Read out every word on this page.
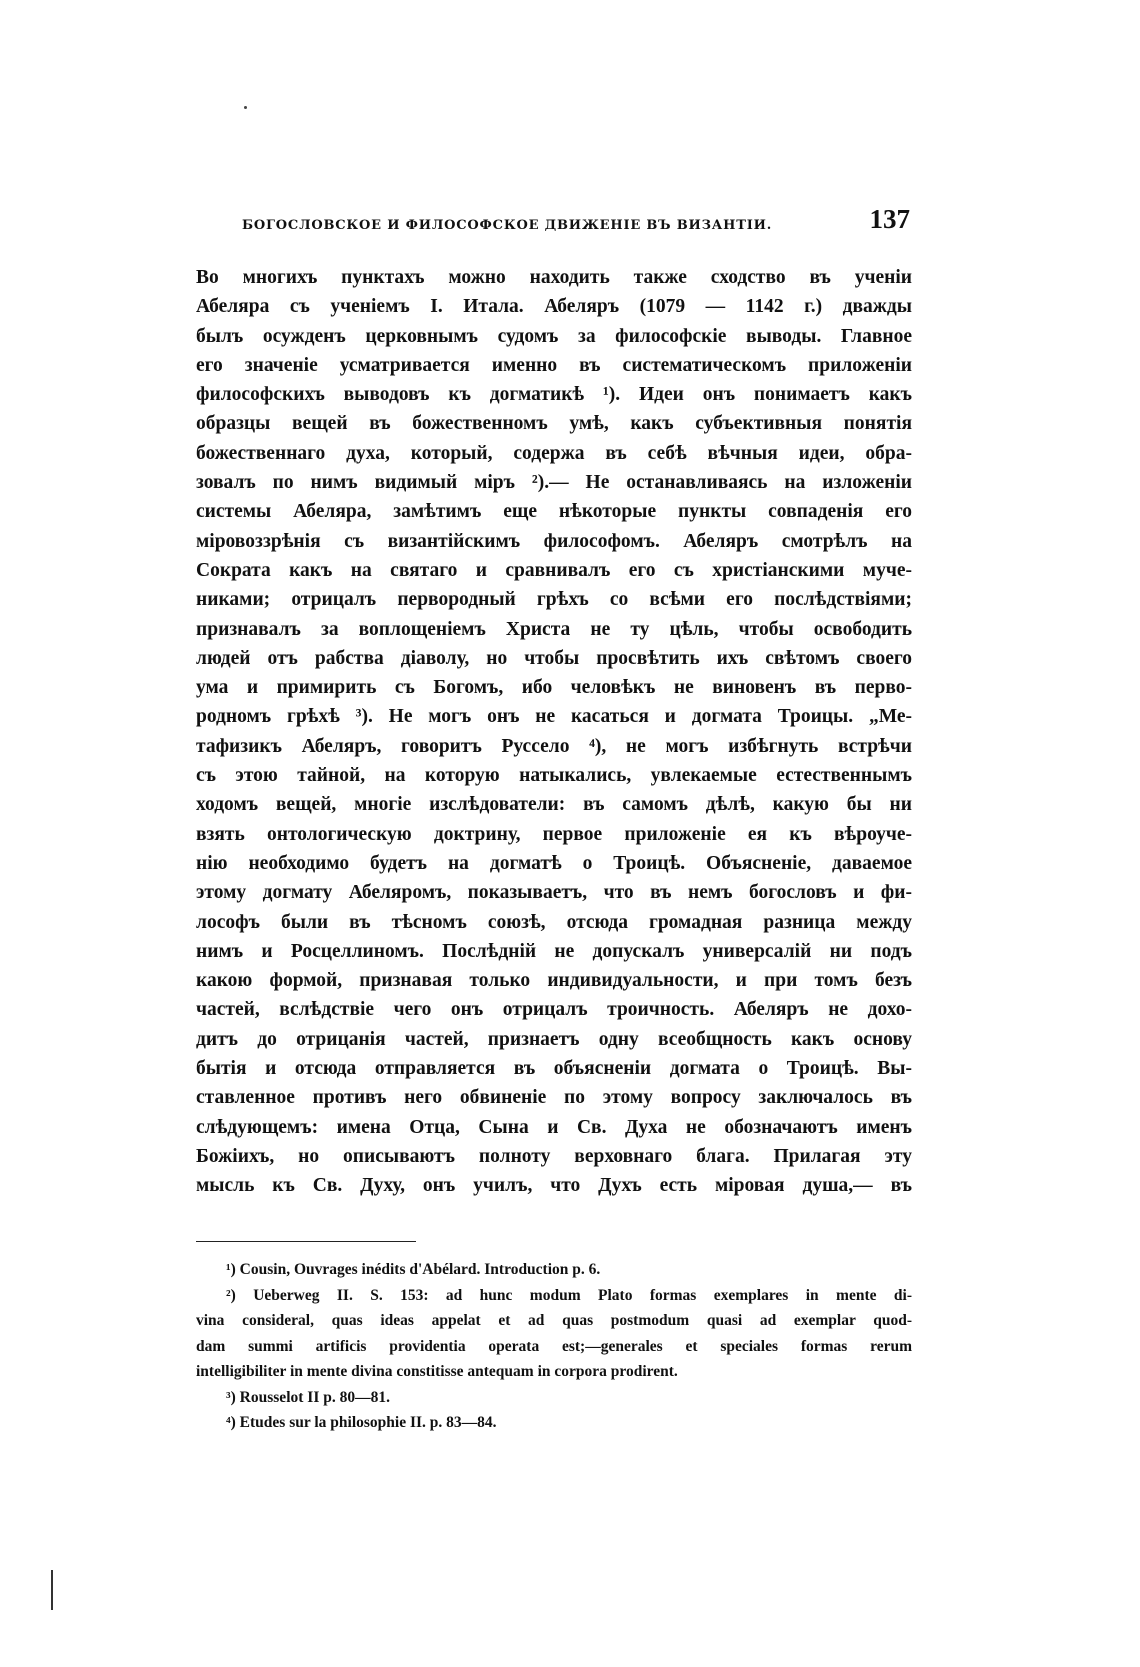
БОГОСЛОВСКОЕ И ФИЛОСОФСКОЕ ДВИЖЕНІЕ ВЪ ВИЗАНТІИ.	137
Во многихъ пунктахъ можно находить также сходство въ ученіи
Абеляра съ ученіемъ I. Итала. Абеляръ (1079 — 1142 г.) дважды
былъ осужденъ церковнымъ судомъ за философскіе выводы. Главное
его значеніе усматривается именно въ систематическомъ приложеніи
философскихъ выводовъ къ догматикѣ ¹). Идеи онъ понимаетъ какъ
образцы вещей въ божественномъ умѣ, какъ субъективныя понятія
божественнаго духа, который, содержа въ себѣ вѣчныя идеи, обра-
зовалъ по нимъ видимый міръ ²).— Не останавливаясь на изложеніи
системы Абеляра, замѣтимъ еще нѣкоторые пункты совпаденія его
міровоззрѣнія съ византійскимъ философомъ. Абеляръ смотрѣлъ на
Сократа какъ на святаго и сравнивалъ его съ христіанскими муче-
никами; отрицалъ первородный грѣхъ со всѣми его послѣдствіями;
признавалъ за воплощеніемъ Христа не ту цѣль, чтобы освободить
людей отъ рабства діаволу, но чтобы просвѣтить ихъ свѣтомъ своего
ума и примирить съ Богомъ, ибо человѣкъ не виновенъ въ перво-
родномъ грѣхѣ ³). Не могъ онъ не касаться и догмата Троицы. „Ме-
тафизикъ Абеляръ, говоритъ Руссело ⁴), не могъ избѣгнуть встрѣчи
съ этою тайной, на которую натыкались, увлекаемые естественнымъ
ходомъ вещей, многіе изслѣдователи: въ самомъ дѣлѣ, какую бы ни
взять онтологическую доктрину, первое приложеніе ея къ вѣроуче-
нію необходимо будетъ на догматѣ о Троицѣ. Объясненіе, даваемое
этому догмату Абеляромъ, показываетъ, что въ немъ богословъ и фи-
лософъ были въ тѣсномъ союзѣ, отсюда громадная разница между
нимъ и Росцеллиномъ. Послѣдній не допускалъ универсалій ни подъ
какою формой, признавая только индивидуальности, и при томъ безъ
частей, вслѣдствіе чего онъ отрицалъ троичность. Абеляръ не дохо-
дитъ до отрицанія частей, признаетъ одну всеобщность какъ основу
бытія и отсюда отправляется въ объясненіи догмата о Троицѣ. Вы-
ставленное противъ него обвиненіе по этому вопросу заключалось въ
слѣдующемъ: имена Отца, Сына и Св. Духа не обозначаютъ именъ
Божіихъ, но описываютъ полноту верховнаго блага. Прилагая эту
мысль къ Св. Духу, онъ училъ, что Духъ есть міровая душа,— въ
¹) Cousin, Ouvrages inédits d'Abélard. Introduction p. 6.
²) Ueberweg II. S. 153: ad hunc modum Plato formas exemplares in mente di-
vina consideral, quas ideas appelat et ad quas postmodum quasi ad exemplar quod-
dam summi artificis providentia operata est;—generales et speciales formas rerum
intelligibiliter in mente divina constitisse antequam in corpora prodirent.
³) Rousselot II p. 80—81.
⁴) Etudes sur la philosophie II. p. 83—84.
